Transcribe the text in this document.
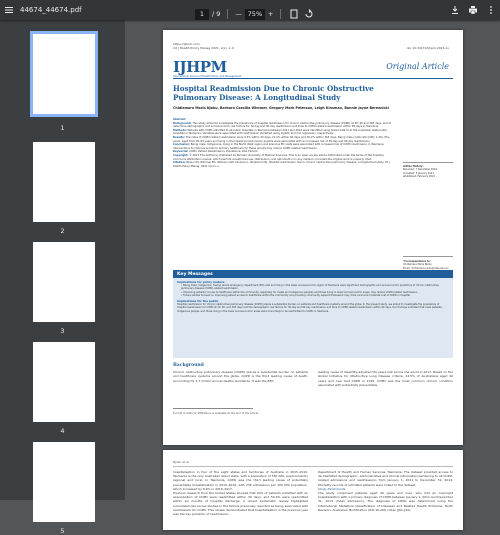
44674_44674.pdf	1	/ 9 — 75% +
1
2
3
4
5
https://ijhpm.com
Int J Health Policy Manag 2021, x(x), 1–9	doi 10.34172/ijhpm.2021.xx
IJHPM
International Journal of Health Policy and Management
Original Article
Hospital Readmission Due to Chronic Obstructive Pulmonary Disease: A Longitudinal Study
Chidiamara Maria Njoku, Barbara Caecilia Wimmer, Gregory Mark Peterson, Leigh Kinsman, Bonnie Jayne Bereznicki
Abstract
Background: This study aimed to investigate the prevalence of hospital readmission for chronic obstructive pulmonary disease (COPD) at 30, 90 and 365 days, and to determine demographic and socioeconomic risk factors for 30-day and 90-day readmission and time to COPD-related readmission within 90 days in Tasmania.
Methods: Patients with COPD admitted to all public hospitals in Tasmania between 2011 and 2014 were identified using linked data from the Australian state public hospitals in Tasmania. Variables were associated with readmission identified using logistic and Cox regression, respectively.
Results: The rates of COPD-related readmission were 9.5% within 30 days, 21.2% within 90 days and 40.2% within 365 days. Being male (odds ratio [OR]: 1.40), 65+ years, aged from 65–84 years and living in the lowest socioeconomic quintile were associated with an increased risk of 30-day and 90-day readmission.
Conclusion: Being male, Indigenous, living in the North West region and previous ED visits were associated with increased risk of COPD readmission in Tasmania. Interventions to improve access to primary healthcare for these groups may reduce COPD-related readmission.
Keywords: COPD, Patient Readmission, Prevalence, Risk Factors
Copyright: © 2021 The Author(s); Published by Kerman University of Medical Sciences. This is an open-access article distributed under the terms of the Creative Commons Attribution License, which permits unrestricted use, distribution, and reproduction in any medium, provided the original work is properly cited.
Citation: Njoku CM, Wimmer BC, Peterson GM, Kinsman L, Bereznicki BJ. Hospital readmission due to chronic obstructive pulmonary disease: a longitudinal study. Int J Health Policy Manag. 2021;x(x):x–x.	Article History:
Received: 7 December 2019
Accepted: 5 January 2021
ePublished: February 2021
*Correspondence to:
Chidiamara Maria Njoku
Email: chidiamara.njoku@utas.edu.au
Key Messages
Implications for policy makers
• Being male, Indigenous, having recent emergency department (ED) visit and living in the lower socioeconomic region of Tasmania were significant demographic and socioeconomic predictors of chronic obstructive pulmonary disease (COPD)-related readmission.
• Improving patients' access to healthcare within the community, especially for males and Indigenous peoples and those living in lower socioeconomic areas, may reduce COPD-related readmission.
• Future studies focused on improving patient access to healthcare within the community and providing community support framework may drive rural and moderate cost of COPD in hospital.
Implications for the public
Hospital readmission for chronic obstructive pulmonary disease (COPD) places a substantial burden on patients and healthcare systems around the globe. In the present study, we aimed to investigate the prevalence of hospital readmission for COPD at 30, 90, and 365 days and the demographic risk factors for 30-day and 90-day readmission and time to COPD-related readmission within 90 days. Our findings indicated that male patients, Indigenous people, and those living in the lower socioeconomic areas were more likely to be readmitted for COPD in Tasmania.
Background
Chronic obstructive pulmonary disease (COPD) places a substantial burden on patients and healthcare systems around the globe. COPD is the third leading cause of death, accounting for 4.7 million annual deaths worldwide. It was the fifth
leading cause of disability-adjusted life years lost across the world in 2017. Based on the Global Initiative for Obstructive Lung Disease criteria, 14.5% of Australians aged 40 years and over had COPD in 2015. COPD was the most common chronic condition associated with potentially preventable
Full list of authors' affiliations is available at the end of the article.
Njoku et al
hospitalisation in four of the eight states and territories of Australia in 2015–2016. Tasmania is the only Australian island state, with a population of 530 000, predominantly regional and rural. In Tasmania, COPD was the third leading cause of potentially preventable hospitalisation in 2015–2016, with 236 admissions per 100 000 population, which increased by 8.6% in 2016–2017.
Previous research from the United States showed that 20% of patients admitted with an exacerbation of COPD were readmitted within 30 days, and 50.0% were readmitted within six months of hospital discharge. A recent systematic review highlighted inconsistencies across studies in the factors previously reported as being associated with readmission for COPD. This review demonstrated that hospitalisation in the previous year was the key predictor of readmission.
Department of Health and Human Services, Tasmania. The dataset provided access to de-identified demographic, administrative and clinical information pertaining to all COPD-related admissions and readmissions from January 1, 2011 to December 31, 2014. Mortality records of admitted patients were linked to the dataset.
Study Participants
The study comprised patients aged 40 years and over, who had an overnight hospitalisation with a primary diagnosis of COPD between January 1, 2011 and December 31, 2013 (index admission). The diagnosis of COPD was determined using the International Statistical Classification of Diseases and Related Health Problems, Tenth Revision, Australian Modification (ICD-10-AM) codes (J40–J44).
